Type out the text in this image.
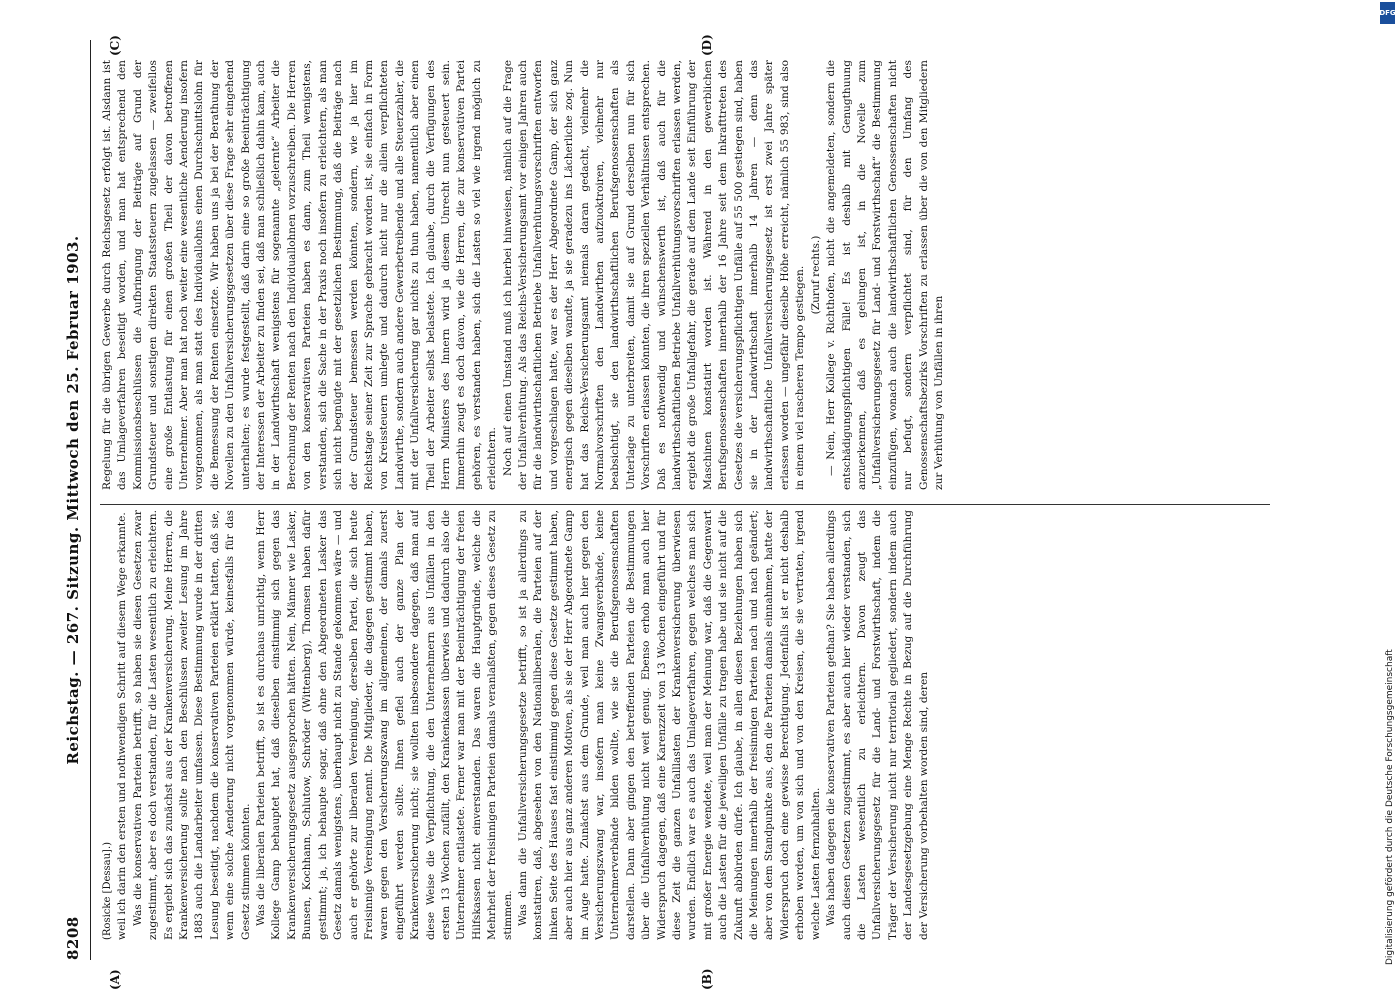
8208
Reichstag. — 267. Sitzung. Mittwoch den 25. Februar 1903.
(A)	(B)
(C)	(D)
(Rosicke [Dessau].) weil ich darin den ersten und nothwendigen Schritt auf diesem Wege erkannte. Was die konservativen Parteien betrifft, so haben sie diesen Gesetzen zwar zugestimmt, aber es doch verstanden, für die Lasten wesentlich zu erleichtern. Es ergiebt sich das zunächst aus der Krankenversicherung. Meine Herren, die Krankenversicherung sollte nach den Beschlüssen zweiter Lesung im Jahre 1883 auch die Landarbeiter umfassen. Diese Bestimmung wurde in der dritten Lesung beseitigt, nachdem die konservativen Parteien erklärt hatten, daß sie, wenn eine solche Aenderung nicht vorgenommen würde, keinesfalls für das Gesetz stimmen könnten. Was die liberalen Parteien betrifft, so ist es durchaus unrichtig, wenn Herr Kollege Gamp behauptet hat, daß dieselben einstimmig sich gegen das Krankenversicherungsgesetz ausgesprochen hätten. Nein, Männer wie Lasker, Bunsen, Kochhann, Schlutow, Schröder (Wittenberg), Thomsen haben dafür gestimmt; ja, ich behaupte sogar, daß ohne den Abgeordneten Lasker das Gesetz damals wenigstens, überhaupt nicht zu Stande gekommen wäre — und auch er gehörte zur liberalen Vereinigung, derselben Partei, die sich heute Freisinnige Vereinigung nennt. Die Mitglieder, die dagegen gestimmt haben, waren gegen den Versicherungszwang im allgemeinen, der damals zuerst eingeführt werden sollte. Ihnen gefiel auch der ganze Plan der Krankenversicherung nicht; sie wollten insbesondere dagegen, daß man auf diese Weise die Verpflichtung, die den Unternehmern aus Unfällen in den ersten 13 Wochen zufällt, den Krankenkassen überwies und dadurch also die Unternehmer entlastete. Ferner war man mit der Beeinträchtigung der freien Hilfskassen nicht einverstanden. Das waren die Hauptgründe, welche die Mehrheit der freisinnigen Parteien damals veranlaßten, gegen dieses Gesetz zu stimmen. Was dann die Unfallversicherungsgesetze betrifft, so ist ja allerdings zu konstatiren, daß, abgesehen von den Nationalliberalen, die Parteien auf der linken Seite des Hauses fast einstimmig gegen diese Gesetze gestimmt haben, aber auch hier aus ganz anderen Motiven, als sie der Herr Abgeordnete Gamp im Auge hatte. Zunächst aus dem Grunde, weil man auch hier gegen den Versicherungszwang war, insofern man keine Zwangsverbände, keine Unternehmerverbände bilden wollte, wie sie die Berufsgenossenschaften darstellen. Dann aber gingen den betreffenden Parteien die Bestimmungen über die Unfallverhütung nicht weit genug. Ebenso erhob man auch hier Widerspruch dagegen, daß eine Karenzzeit von 13 Wochen eingeführt und für diese Zeit die ganzen Unfalllasten der Krankenversicherung überwiesen wurden. Endlich war es auch das Umlageverfahren, gegen welches man sich mit großer Energie wendete, weil man der Meinung war, daß die Gegenwart auch die Lasten für die jeweiligen Unfälle zu tragen habe und sie nicht auf die Zukunft abbürden dürfe. Ich glaube, in allen diesen Beziehungen haben sich die Meinungen innerhalb der freisinnigen Parteien nach und nach geändert; aber von dem Standpunkte aus, den die Parteien damals einnahmen, hatte der Widerspruch doch eine gewisse Berechtigung. Jedenfalls ist er nicht deshalb erhoben worden, um von sich und von den Kreisen, die sie vertraten, irgend welche Lasten fernzuhalten. Was haben dagegen die konservativen Parteien gethan? Sie haben allerdings auch diesen Gesetzen zugestimmt, es aber auch hier wieder verstanden, sich die Lasten wesentlich zu erleichtern. Davon zeugt das Unfallversicherungsgesetz für die Land- und Forstwirthschaft, indem die Träger der Versicherung nicht nur territorial gegliedert, sondern indem auch der Landesgesetzgebung eine Menge Rechte in Bezug auf die Durchführung der Versicherung vorbehalten worden sind, deren

Regelung für die übrigen Gewerbe durch Reichsgesetz erfolgt ist. Alsdann ist das Umlageverfahren beseitigt worden, und man hat entsprechend den Kommissionsbeschlüssen die Aufbringung der Beiträge auf Grund der Grundsteuer und sonstigen direkten Staatssteuern zugelassen — zweifellos eine große Entlastung für einen großen Theil der davon betroffenen Unternehmer. Aber man hat noch weiter eine wesentliche Aenderung insofern vorgenommen, als man statt des Individuallohns einen Durchschnittslohn für die Bemessung der Renten einsetzte. Wir haben uns ja bei der Berathung der Novellen zu den Unfallversicherungsgesetzen über diese Frage sehr eingehend unterhalten; es wurde festgestellt, daß darin eine so große Beeinträchtigung der Interessen der Arbeiter zu finden sei, daß man schließlich dahin kam, auch in der Landwirthschaft wenigstens für sogenannte „gelernte“ Arbeiter die Berechnung der Renten nach den Individuallohnen vorzuschreiben. Die Herren von den konservativen Parteien haben es dann, zum Theil wenigstens, verstanden, sich die Sache in der Praxis noch insofern zu erleichtern, als man sich nicht begnügte mit der gesetzlichen Bestimmung, daß die Beiträge nach der Grundsteuer bemessen werden könnten, sondern, wie ja hier im Reichstage seiner Zeit zur Sprache gebracht worden ist, sie einfach in Form von Kreissteuern umlegte und dadurch nicht nur die allein verpflichteten Landwirthe, sondern auch andere Gewerbetreibende und alle Steuerzahler, die mit der Unfallversicherung gar nichts zu thun haben, namentlich aber einen Theil der Arbeiter selbst belastete. Ich glaube, durch die Verfügungen des Herrn Ministers des Innern wird ja diesem Unrecht nun gesteuert sein. Immerhin zeugt es doch davon, wie die Herren, die zur konservativen Partei gehören, es verstanden haben, sich die Lasten so viel wie irgend möglich zu erleichtern. Noch auf einen Umstand muß ich hierbei hinweisen, nämlich auf die Frage der Unfallverhütung. Als das Reichs-Versicherungsamt vor einigen Jahren auch für die landwirthschaftlichen Betriebe Unfallverhütungsvorschriften entworfen und vorgeschlagen hatte, war es der Herr Abgeordnete Gamp, der sich ganz energisch gegen dieselben wandte, ja sie geradezu ins Lächerliche zog. Nun hat das Reichs-Versicherungsamt niemals daran gedacht, vielmehr die Normalvorschriften den Landwirthen aufzuoktroiren, vielmehr nur beabsichtigt, sie den landwirthschaftlichen Berufsgenossenschaften als Unterlage zu unterbreiten, damit sie auf Grund derselben nun für sich Vorschriften erlassen könnten, die ihren speziellen Verhältnissen entsprechen. Daß es nothwendig und wünschenswerth ist, daß auch für die landwirthschaftlichen Betriebe Unfallverhütungsvorschriften erlassen werden, ergiebt die große Unfallgefahr, die gerade auf dem Lande seit Einführung der Maschinen konstatirt worden ist. Während in den gewerblichen Berufsgenossenschaften innerhalb der 16 Jahre seit dem Inkrafttreten des Gesetzes die versicherungspflichtigen Unfälle auf 55 500 gestiegen sind, haben sie in der Landwirthschaft innerhalb 14 Jahren — denn das landwirthschaftliche Unfallversicherungsgesetz ist erst zwei Jahre später erlassen worden — ungefähr dieselbe Höhe erreicht, nämlich 55 983, sind also in einem viel rascheren Tempo gestiegen. (Zuruf rechts.) — Nein, Herr Kollege v. Richthofen, nicht die angemeldeten, sondern die entschädigungspflichtigen Fälle! Es ist deshalb mit Genugthuung anzuerkennen, daß es gelungen ist, in die Novelle zum „Unfallversicherungsgesetz für Land- und Forstwirthschaft“ die Bestimmung einzufügen, wonach auch die landwirthschaftlichen Genossenschaften nicht nur befugt, sondern verpflichtet sind, für den Umfang des Genossenschaftsbezirks Vorschriften zu erlassen über die von den Mitgliedern zur Verhütung von Unfällen in ihren

DFG
Digitalisierung gefördert durch die Deutsche Forschungsgemeinschaft
